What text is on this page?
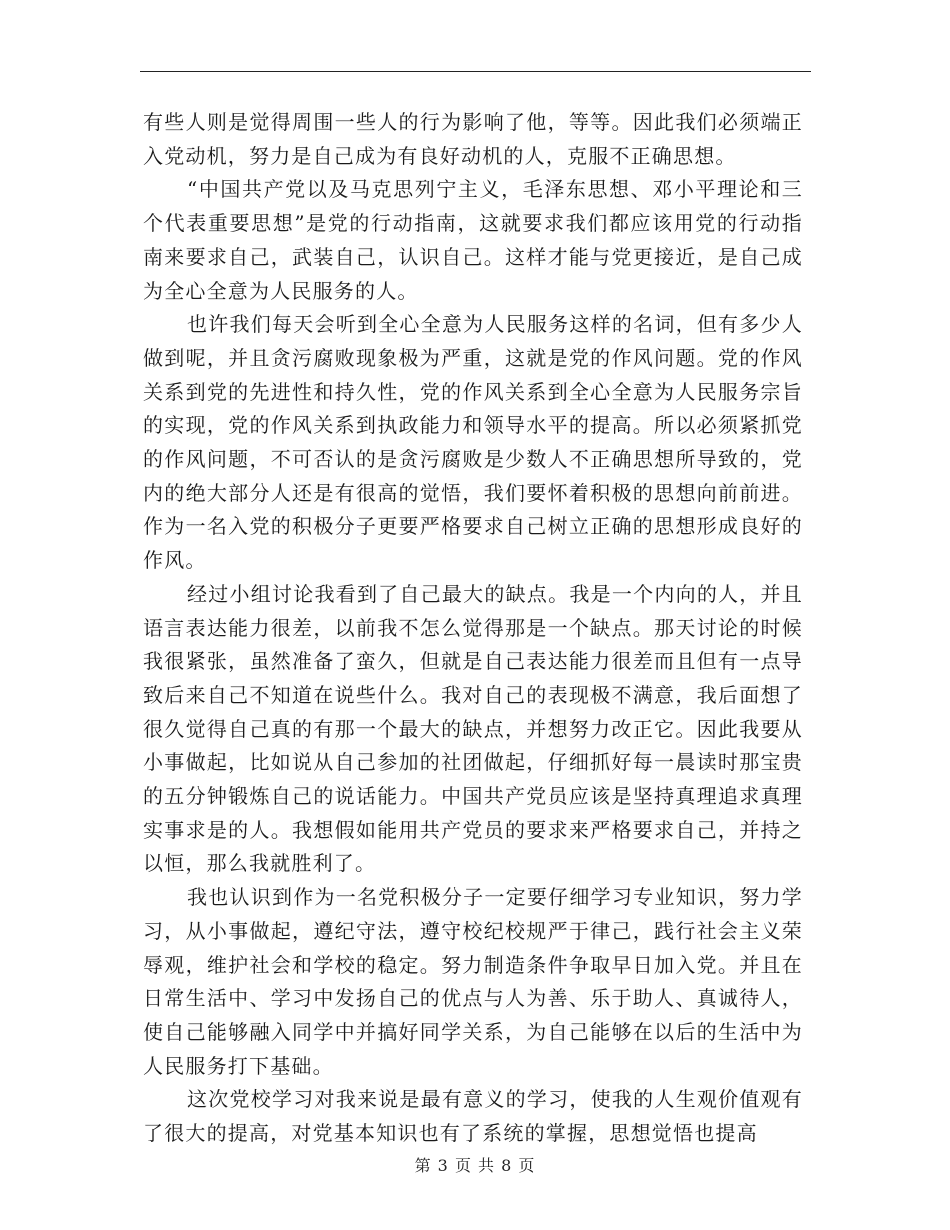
有些人则是觉得周围一些人的行为影响了他，等等。因此我们必须端正入党动机，努力是自己成为有良好动机的人，克服不正确思想。

“中国共产党以及马克思列宁主义，毛泽东思想、邓小平理论和三个代表重要思想”是党的行动指南，这就要求我们都应该用党的行动指南来要求自己，武装自己，认识自己。这样才能与党更接近，是自己成为全心全意为人民服务的人。

也许我们每天会听到全心全意为人民服务这样的名词，但有多少人做到呢，并且贪污腐败现象极为严重，这就是党的作风问题。党的作风关系到党的先进性和持久性，党的作风关系到全心全意为人民服务宗旨的实现，党的作风关系到执政能力和领导水平的提高。所以必须紧抓党的作风问题，不可否认的是贪污腐败是少数人不正确思想所导致的，党内的绝大部分人还是有很高的觉悟，我们要怀着积极的思想向前前进。作为一名入党的积极分子更要严格要求自己树立正确的思想形成良好的作风。

经过小组讨论我看到了自己最大的缺点。我是一个内向的人，并且语言表达能力很差，以前我不怎么觉得那是一个缺点。那天讨论的时候我很紧张，虽然准备了蛮久，但就是自己表达能力很差而且但有一点导致后来自己不知道在说些什么。我对自己的表现极不满意，我后面想了很久觉得自己真的有那一个最大的缺点，并想努力改正它。因此我要从小事做起，比如说从自己参加的社团做起，仔细抓好每一晨读时那宝贵的五分钟锻炼自己的说话能力。中国共产党员应该是坚持真理追求真理实事求是的人。我想假如能用共产党员的要求来严格要求自己，并持之以恒，那么我就胜利了。

我也认识到作为一名党积极分子一定要仔细学习专业知识，努力学习，从小事做起，遵纪守法，遵守校纪校规严于律己，践行社会主义荣辱观，维护社会和学校的稳定。努力制造条件争取早日加入党。并且在日常生活中、学习中发扬自己的优点与人为善、乐于助人、真诚待人，使自己能够融入同学中并搞好同学关系，为自己能够在以后的生活中为人民服务打下基础。

这次党校学习对我来说是最有意义的学习，使我的人生观价值观有了很大的提高，对党基本知识也有了系统的掌握，思想觉悟也提高

第 3 页 共 8 页
